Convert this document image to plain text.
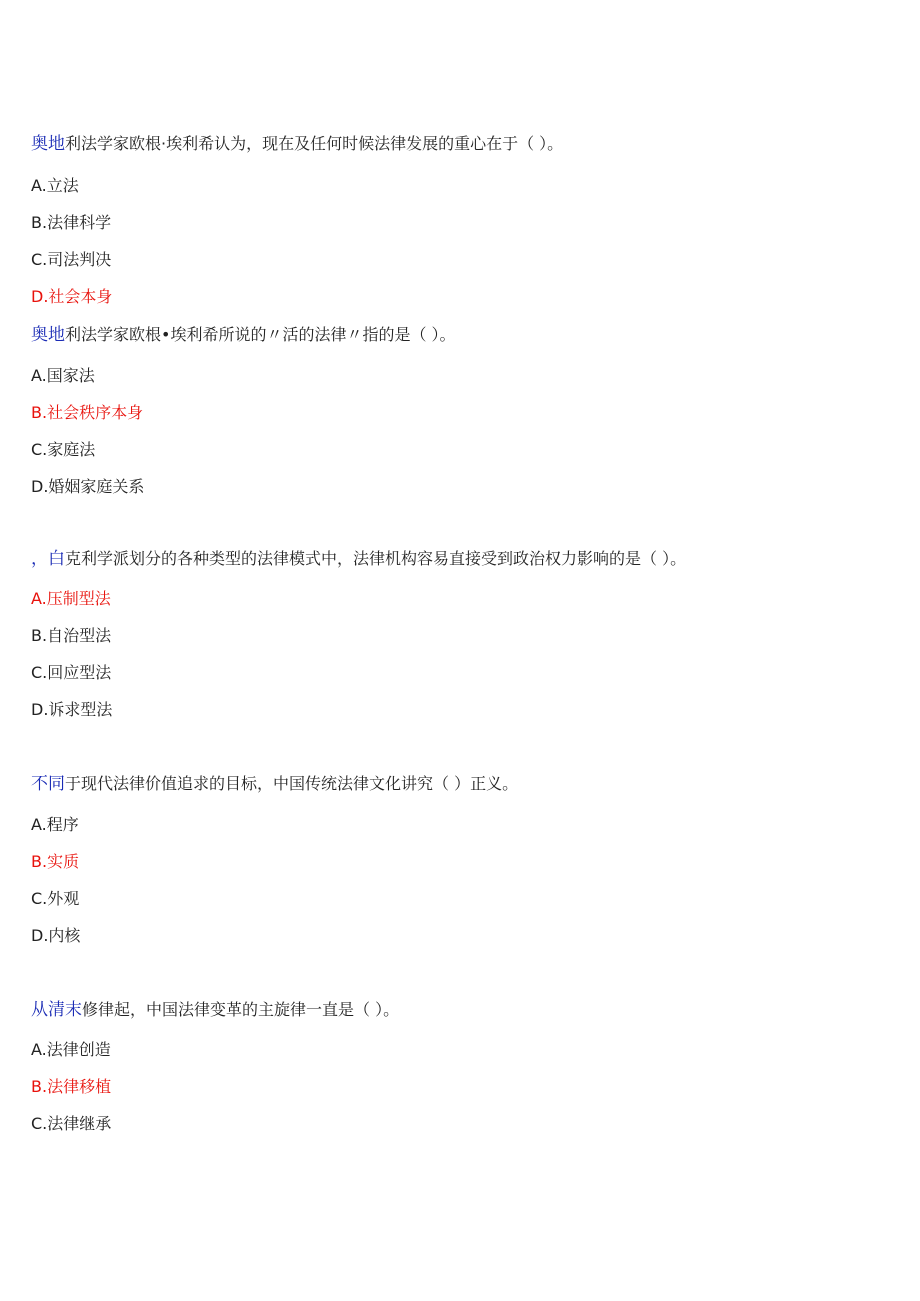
奥地利法学家欧根·埃利希认为，现在及任何时候法律发展的重心在于（ ）。
A.立法
B.法律科学
C.司法判决
D.社会本身
奥地利法学家欧根•埃利希所说的〃活的法律〃指的是（ ）。
A.国家法
B.社会秩序本身
C.家庭法
D.婚姻家庭关系
，白克利学派划分的各种类型的法律模式中，法律机构容易直接受到政治权力影响的是（ ）。
A.压制型法
B.自治型法
C.回应型法
D.诉求型法
不同于现代法律价值追求的目标，中国传统法律文化讲究（ ）正义。
A.程序
B.实质
C.外观
D.内核
从清末修律起，中国法律变革的主旋律一直是（ ）。
A.法律创造
B.法律移植
C.法律继承
